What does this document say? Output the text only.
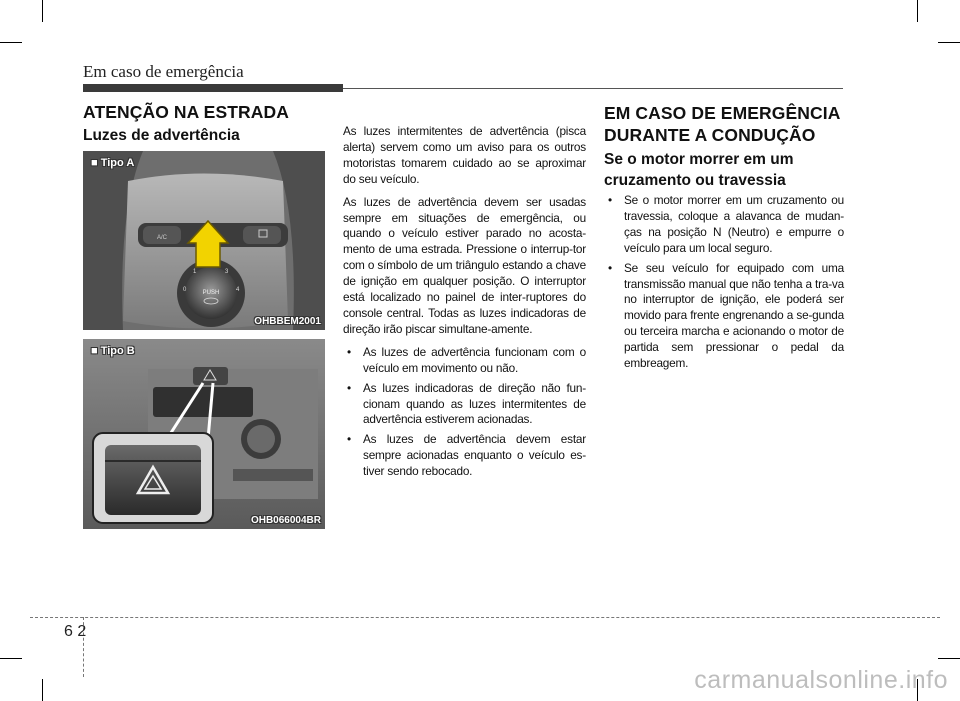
Em caso de emergência
ATENÇÃO NA ESTRADA
Luzes de advertência
A/C
PUSH
1	3
4
0
■ Tipo A
OHBBEM2001
■ Tipo B
OHB066004BR

As luzes intermitentes de advertência (pisca alerta) servem como um aviso para os outros motoristas tomarem cuidado ao se aproximar do seu veículo.

As luzes de advertência devem ser usadas sempre em situações de emergência, ou quando o veículo estiver parado no acosta-mento de uma estrada. Pressione o interrup-tor com o símbolo de um triângulo estando a chave de ignição em qualquer posição. O interruptor está localizado no painel de inter-ruptores do console central. Todas as luzes indicadoras de direção irão piscar simultane-amente.

• As luzes de advertência funcionam com o veículo em movimento ou não.
• As luzes indicadoras de direção não fun-cionam quando as luzes intermitentes de advertência estiverem acionadas.
• As luzes de advertência devem estar sempre acionadas enquanto o veículo es-tiver sendo rebocado.
EM CASO DE EMERGÊNCIA
DURANTE A CONDUÇÃO
Se o motor morrer em um
cruzamento ou travessia
• Se o motor morrer em um cruzamento ou travessia, coloque a alavanca de mudan-ças na posição N (Neutro) e empurre o veículo para um local seguro.
• Se seu veículo for equipado com uma transmissão manual que não tenha a tra-va no interruptor de ignição, ele poderá ser movido para frente engrenando a se-gunda ou terceira marcha e acionando o motor de partida sem pressionar o pedal da embreagem.
6 2
carmanualsonline.info
